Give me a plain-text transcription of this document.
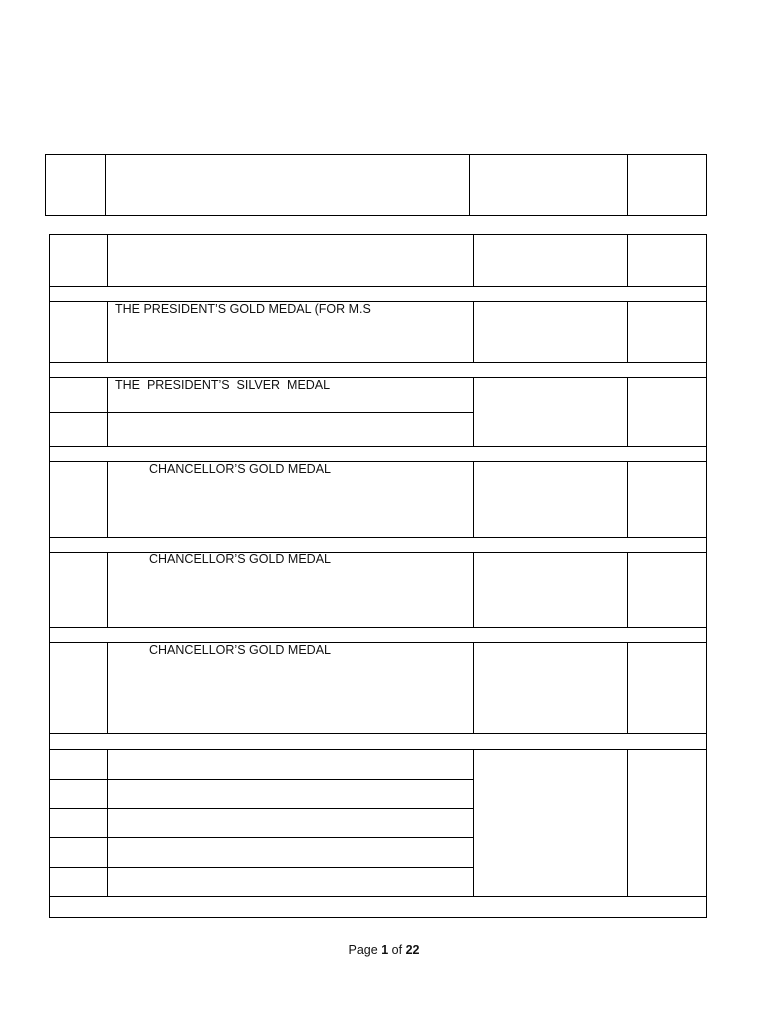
THE PRESIDENT’S GOLD MEDAL (FOR M.S
THE  PRESIDENT’S  SILVER  MEDAL
CHANCELLOR’S GOLD MEDAL
CHANCELLOR’S GOLD MEDAL
CHANCELLOR’S GOLD MEDAL
Page 1 of 22
